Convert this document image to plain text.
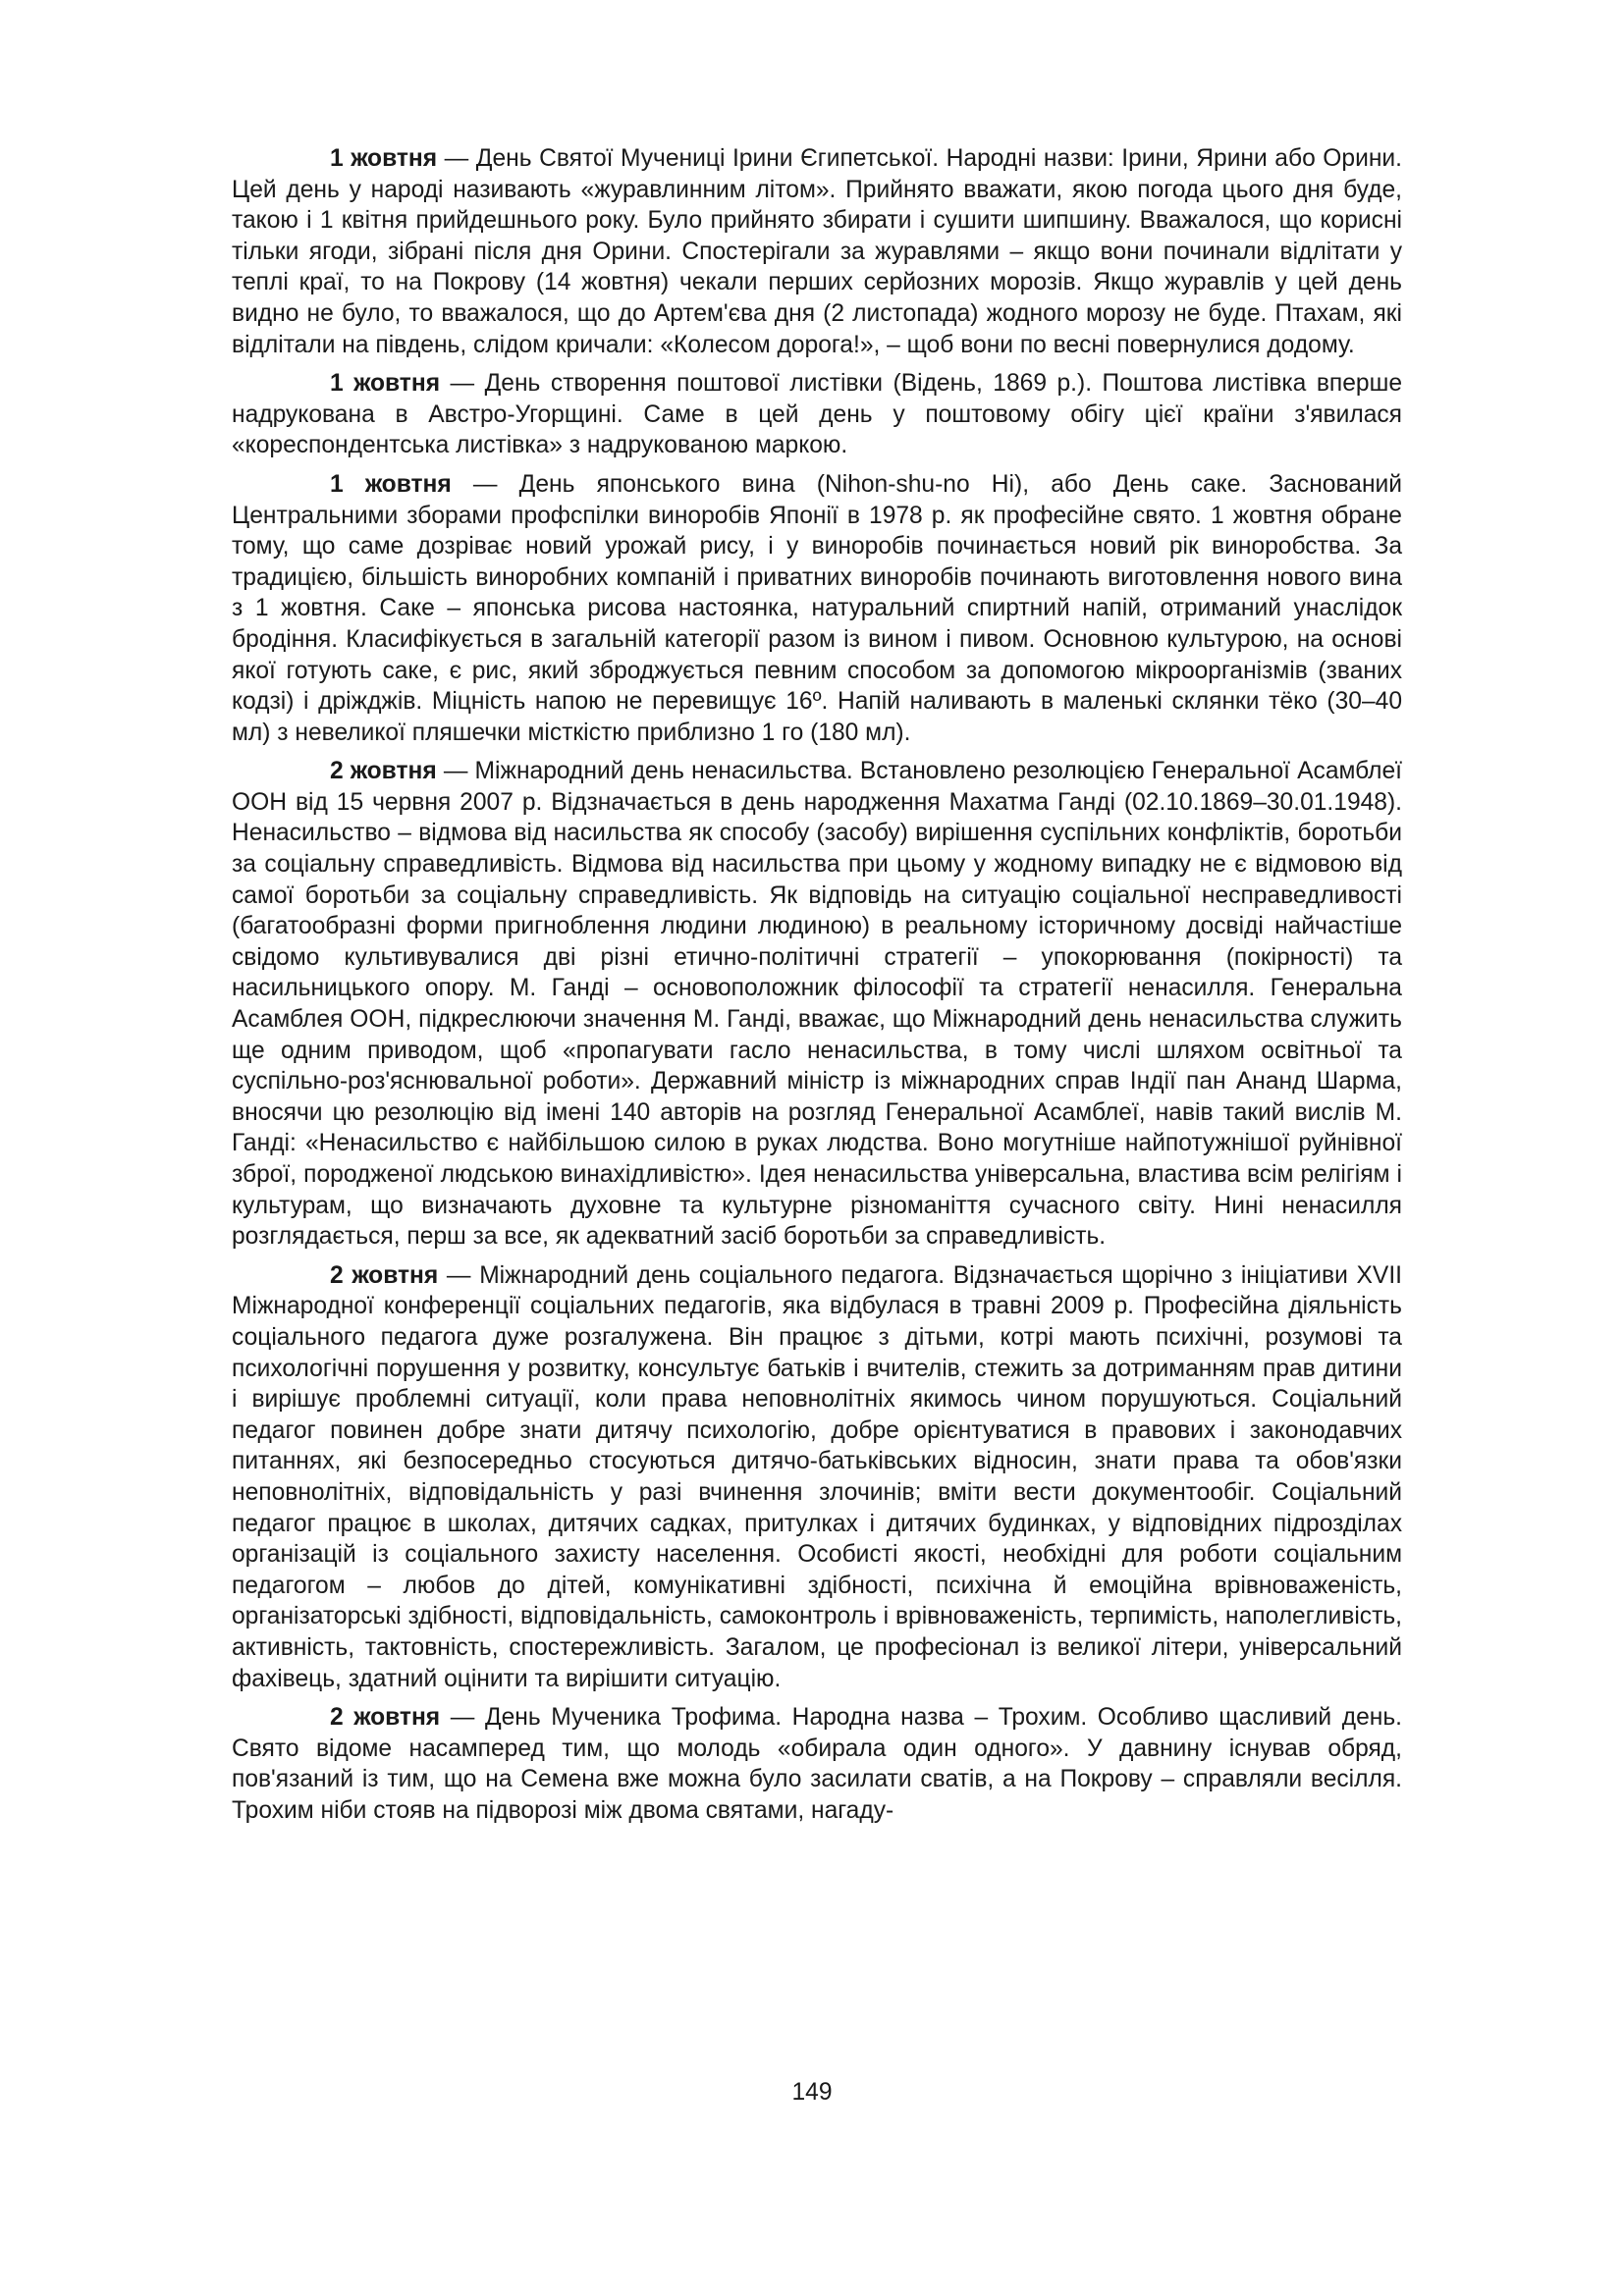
1 жовтня — День Святої Мучениці Ірини Єгипетської. Народні назви: Ірини, Ярини або Орини. Цей день у народі називають «журавлинним літом». Прийнято вважати, якою погода цього дня буде, такою і 1 квітня прийдешнього року. Було прийнято збирати і сушити шипшину. Вважалося, що корисні тільки ягоди, зібрані після дня Орини. Спостерігали за журавлями – якщо вони починали відлітати у теплі краї, то на Покрову (14 жовтня) чекали перших серйозних морозів. Якщо журавлів у цей день видно не було, то вважалося, що до Артем'єва дня (2 листопада) жодного морозу не буде. Птахам, які відлітали на південь, слідом кричали: «Колесом дорога!», – щоб вони по весні повернулися додому.

1 жовтня — День створення поштової листівки (Відень, 1869 р.). Поштова листівка вперше надрукована в Австро-Угорщині. Саме в цей день у поштовому обігу цієї країни з'явилася «кореспондентська листівка» з надрукованою маркою.

1 жовтня — День японського вина (Nihon-shu-no Hi), або День саке. Заснований Центральними зборами профспілки виноробів Японії в 1978 р. як професійне свято. 1 жовтня обране тому, що саме дозріває новий урожай рису, і у виноробів починається новий рік виноробства. За традицією, більшість виноробних компаній і приватних виноробів починають виготовлення нового вина з 1 жовтня. Саке – японська рисова настоянка, натуральний спиртний напій, отриманий унаслідок бродіння. Класифікується в загальній категорії разом із вином і пивом. Основною культурою, на основі якої готують саке, є рис, який зброджується певним способом за допомогою мікроорганізмів (званих кодзі) і дріжджів. Міцність напою не перевищує 16º. Напій наливають в маленькі склянки тëко (30–40 мл) з невеликої пляшечки місткістю приблизно 1 го (180 мл).

2 жовтня — Міжнародний день ненасильства. Встановлено резолюцією Генеральної Асамблеї ООН від 15 червня 2007 р. Відзначається в день народження Махатма Ганді (02.10.1869–30.01.1948). Ненасильство – відмова від насильства як способу (засобу) вирішення суспільних конфліктів, боротьби за соціальну справедливість. Відмова від насильства при цьому у жодному випадку не є відмовою від самої боротьби за соціальну справедливість. Як відповідь на ситуацію соціальної несправедливості (багатообразні форми пригноблення людини людиною) в реальному історичному досвіді найчастіше свідомо культивувалися дві різні етично-політичні стратегії – упокорювання (покірності) та насильницького опору. М. Ганді – основоположник філософії та стратегії ненасилля. Генеральна Асамблея ООН, підкреслюючи значення М. Ганді, вважає, що Міжнародний день ненасильства служить ще одним приводом, щоб «пропагувати гасло ненасильства, в тому числі шляхом освітньої та суспільно-роз'яснювальної роботи». Державний міністр із міжнародних справ Індії пан Ананд Шарма, вносячи цю резолюцію від імені 140 авторів на розгляд Генеральної Асамблеї, навів такий вислів М. Ганді: «Ненасильство є найбільшою силою в руках людства. Воно могутніше найпотужнішої руйнівної зброї, породженої людською винахідливістю». Ідея ненасильства універсальна, властива всім релігіям і культурам, що визначають духовне та культурне різноманіття сучасного світу. Нині ненасилля розглядається, перш за все, як адекватний засіб боротьби за справедливість.

2 жовтня — Міжнародний день соціального педагога. Відзначається щорічно з ініціативи XVII Міжнародної конференції соціальних педагогів, яка відбулася в травні 2009 р. Професійна діяльність соціального педагога дуже розгалужена. Він працює з дітьми, котрі мають психічні, розумові та психологічні порушення у розвитку, консультує батьків і вчителів, стежить за дотриманням прав дитини і вирішує проблемні ситуації, коли права неповнолітніх якимось чином порушуються. Соціальний педагог повинен добре знати дитячу психологію, добре орієнтуватися в правових і законодавчих питаннях, які безпосередньо стосуються дитячо-батьківських відносин, знати права та обов'язки неповнолітніх, відповідальність у разі вчинення злочинів; вміти вести документообіг. Соціальний педагог працює в школах, дитячих садках, притулках і дитячих будинках, у відповідних підрозділах організацій із соціального захисту населення. Особисті якості, необхідні для роботи соціальним педагогом – любов до дітей, комунікативні здібності, психічна й емоційна врівноваженість, організаторські здібності, відповідальність, самоконтроль і врівноваженість, терпимість, наполегливість, активність, тактовність, спостережливість. Загалом, це професіонал із великої літери, універсальний фахівець, здатний оцінити та вирішити ситуацію.

2 жовтня — День Мученика Трофима. Народна назва – Трохим. Особливо щасливий день. Свято відоме насамперед тим, що молодь «обирала один одного». У давнину існував обряд, пов'язаний із тим, що на Семена вже можна було засилати сватів, а на Покрову – справляли весілля. Трохим ніби стояв на підворозі між двома святами, нагаду-

149
